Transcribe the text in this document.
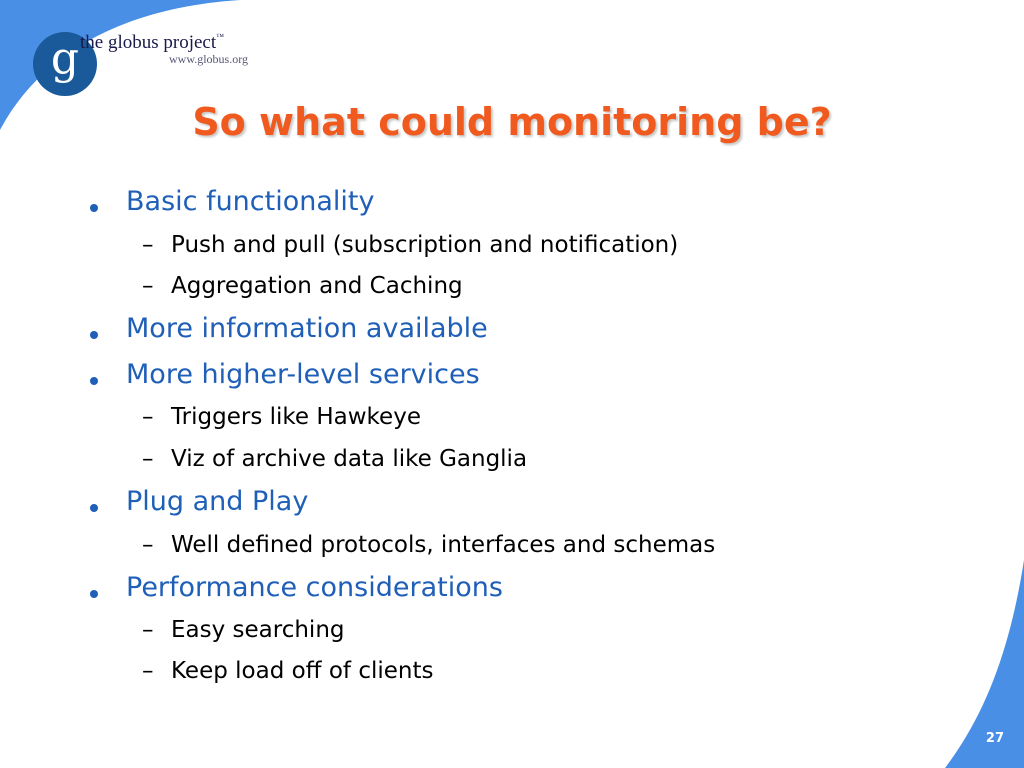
g the globus project™
www.globus.org
So what could monitoring be?
Basic functionality
– Push and pull (subscription and notification)
– Aggregation and Caching
More information available
More higher-level services
– Triggers like Hawkeye
– Viz of archive data like Ganglia
Plug and Play
– Well defined protocols, interfaces and schemas
Performance considerations
– Easy searching
– Keep load off of clients
27
